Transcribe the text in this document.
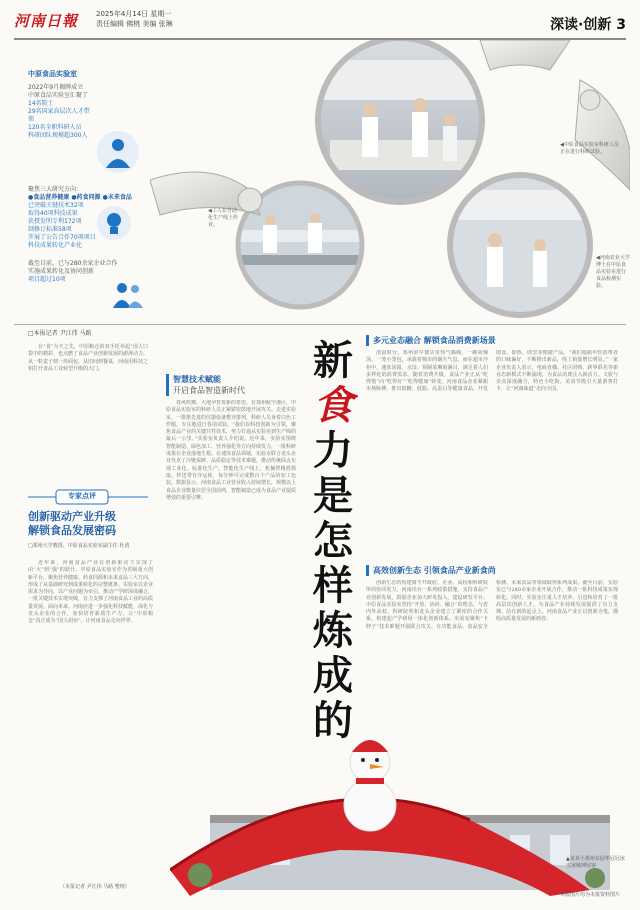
河南日報	2025年4月14日 星期一
责任编辑 佛桃 美编 张琳	深读·创新 3
◀中原食品实验室科研人员正在进行科研试验。
◀工人在自动化生产线上作业。
◀河南农业大学博士在中原食品实验室进行食品检测实验。
中原食品实验室
2022年9月揭牌成立
中原食品实验室汇聚了
14名院士
29名国家高层次人才带领
120名全职科研人员
科研团队规模超300人
聚焦三大研究方向：
●食品营养健康 ●药食同源 ●未来食品
已突破关键技术32项
取得40项科技成果
获授发明专利172项
制修订标准58项
开展了公告合作70项项目
科技成果转化产业化
截至目前，已与280余家企业合作
实施成果转化及协同创新
项目超过10项
□本报记者 尹江伟 马路

在“食”为天之先，中原粮仓的双手托举起“国人口袋中的精彩，也点燃了食品产业创新发展的澎湃动力。从一粒麦子到一块面包，从田间到餐桌，河南用科技之钥打开食品工业转型升级的大门。

专家点评
创新驱动产业升级
解锁食品发展密码
□郑州大学教授、中原食品实验室副主任 杜清

近年来，河南食品产业在创新驱动下实现了由“大”到“强”的跃升。中原食品实验室作为省级重大创新平台，聚焦营养健康、药食同源和未来食品三大方向，形成了从基础研究到成果转化的完整链条。实验室以企业需求为导向，以产业问题为牵引，推动产学研深度融合，一批关键技术实现突破，有力支撑了河南食品工业的高质量发展。面向未来，河南应进一步强化科技赋能，深化与龙头企业的合作，加快培育新质生产力，让“中原粮仓”真正成为“国人厨房”，让河南食品走向世界。

（本报记者 尹江伟 马路 整理）
新
食
力
是
怎
样
炼
成
的
智慧技术赋能
开启食品智造新时代

春风吹拂，大地孕育着新的希望。在郑州航空港区，中原食品实验室的科研人员正紧锣密鼓地开展攻关。走进实验室，一排排先进的仪器设备整齐排列，科研人员身着白色工作服，专注地进行各项试验。“我们以科技创新为引领，聚焦食品产业的关键共性技术，努力打通从实验室到生产线的最后一公里。”实验室负责人介绍说。近年来，实验室围绕智能制造、绿色加工、营养强化等方向持续发力，一批科研成果在企业落地生根。在速冻食品领域，实验室联合龙头企业攻克了冷链保鲜、品质稳定等技术难题，推动传统面点实现工业化、标准化生产。智能化生产线上，机械臂精准抓取，传送带有序运转，每分钟可完成数百个产品的加工包装。数据显示，河南食品工业营业收入持续增长，规模以上食品企业数量位居全国前列，智能制造已成为食品产业提质增效的重要引擎。

多元业态融合 解锁食品消费新场景

清晨时分，郑州的早餐店里热气腾腾，一碗胡辣汤、一笼小笼包，承载着城市的烟火气息。而在超市冷柜中，速冻汤圆、水饺、预制菜琳琅满目，满足着人们多样化的消费需求。随着消费升级，食品产业正从“吃得饱”向“吃得好”“吃得健康”转变。河南食品企业紧跟市场脉搏，推出低糖、低脂、高蛋白等健康食品，开发即食、即热、即烹等便捷产品。“我们根据年轻消费者的口味偏好，不断推出新品，线上销量增长明显。”一家企业负责人表示。电商直播、社区团购、跨界联名等新业态新模式不断涌现，为食品消费注入新活力。文旅与美食深度融合，特色小吃街、美食节吸引大量游客打卡，让“河南味道”走向全国。

高效创新生态 引领食品产业新食尚

创新生态的构建离不开政府、企业、高校和科研院所的协同发力。河南出台一系列政策措施，支持食品产业创新发展，鼓励企业加大研发投入，建设研发平台。中原食品实验室坚持“开放、协同、融合”的理念，与省内外高校、科研院所和龙头企业建立了紧密的合作关系，构建起产学研用一体化创新体系。实验室聚焦“卡脖子”技术难题开展联合攻关，在功能食品、食品安全检测、未来食品等领域取得系列成果。截至目前，实验室已与280余家企业开展合作，推动一批科技成果实现转化。同时，实验室注重人才培养，引进和培育了一批高层次创新人才，为食品产业持续发展提供了有力支撑。站在新的起点上，河南食品产业正以创新为笔，描绘高质量发展的新画卷。

▲某某小郑州东园华冠冠冰雪冰城博园客
本版图片均为本报资料图片
